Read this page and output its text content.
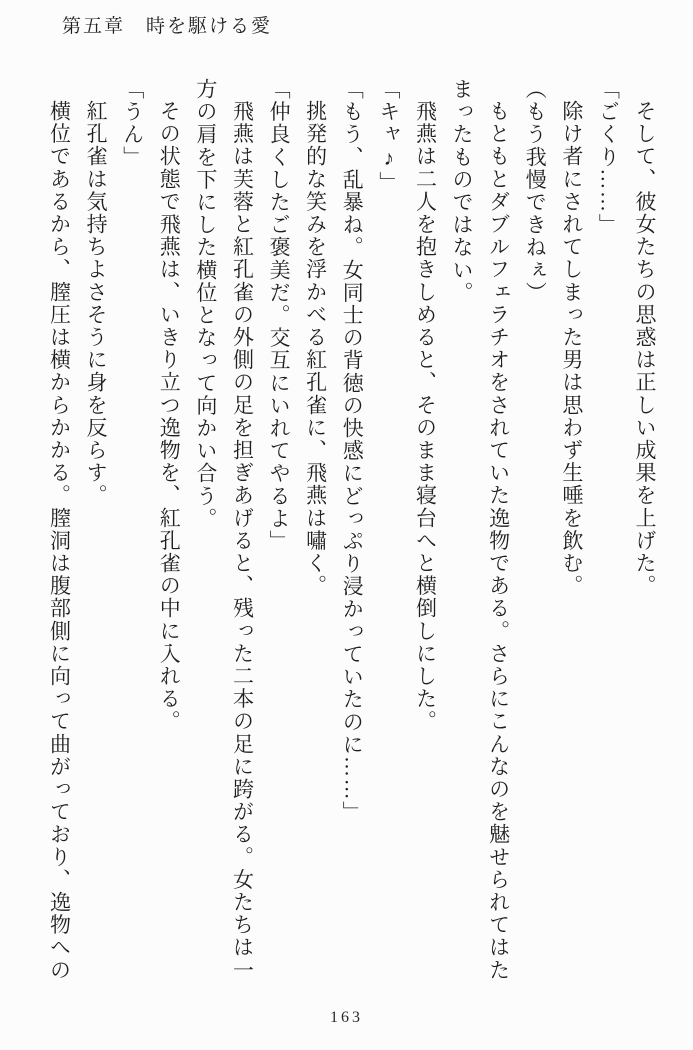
第五章　時を駆ける愛

そして、彼女たちの思惑は正しい成果を上げた。

「ごくり……」

除け者にされてしまった男は思わず生唾を飲む。

（もう我慢できねぇ）

もともとダブルフェラチオをされていた逸物である。さらにこんなのを魅せられてはた

まったものではない。

飛燕は二人を抱きしめると、そのまま寝台へと横倒しにした。

「キャ♪」

「もう、乱暴ね。女同士の背徳の快感にどっぷり浸かっていたのに……」

挑発的な笑みを浮かべる紅孔雀に、飛燕は嘯く。

「仲良くしたご褒美だ。交互にいれてやるよ」

飛燕は芙蓉と紅孔雀の外側の足を担ぎあげると、残った二本の足に跨がる。女たちは一

方の肩を下にした横位となって向かい合う。

その状態で飛燕は、いきり立つ逸物を、紅孔雀の中に入れる。

「うん」

紅孔雀は気持ちよさそうに身を反らす。

横位であるから、膣圧は横からかかる。膣洞は腹部側に向って曲がっており、逸物への

163
